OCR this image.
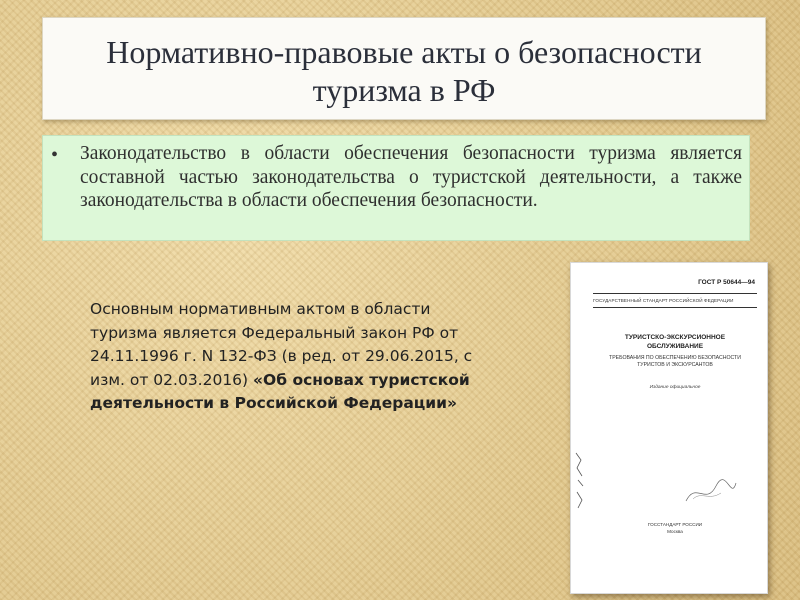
Нормативно-правовые акты о безопасности туризма в РФ
• Законодательство в области обеспечения безопасности туризма является составной частью законодательства о туристской деятельности, а также законодательства в области обеспечения безопасности.
Основным нормативным актом в области туризма является Федеральный закон РФ от 24.11.1996 г. N 132-ФЗ (в ред. от 29.06.2015, с изм. от 02.03.2016) «Об основах туристской деятельности в Российской Федерации»
ГОСТ Р 50644—94
ГОСУДАРСТВЕННЫЙ СТАНДАРТ РОССИЙСКОЙ ФЕДЕРАЦИИ
ТУРИСТСКО-ЭКСКУРСИОННОЕ ОБСЛУЖИВАНИЕ
ТРЕБОВАНИЯ ПО ОБЕСПЕЧЕНИЮ БЕЗОПАСНОСТИ ТУРИСТОВ И ЭКСКУРСАНТОВ
Издание официальное
ГОССТАНДАРТ РОССИИ
Москва
